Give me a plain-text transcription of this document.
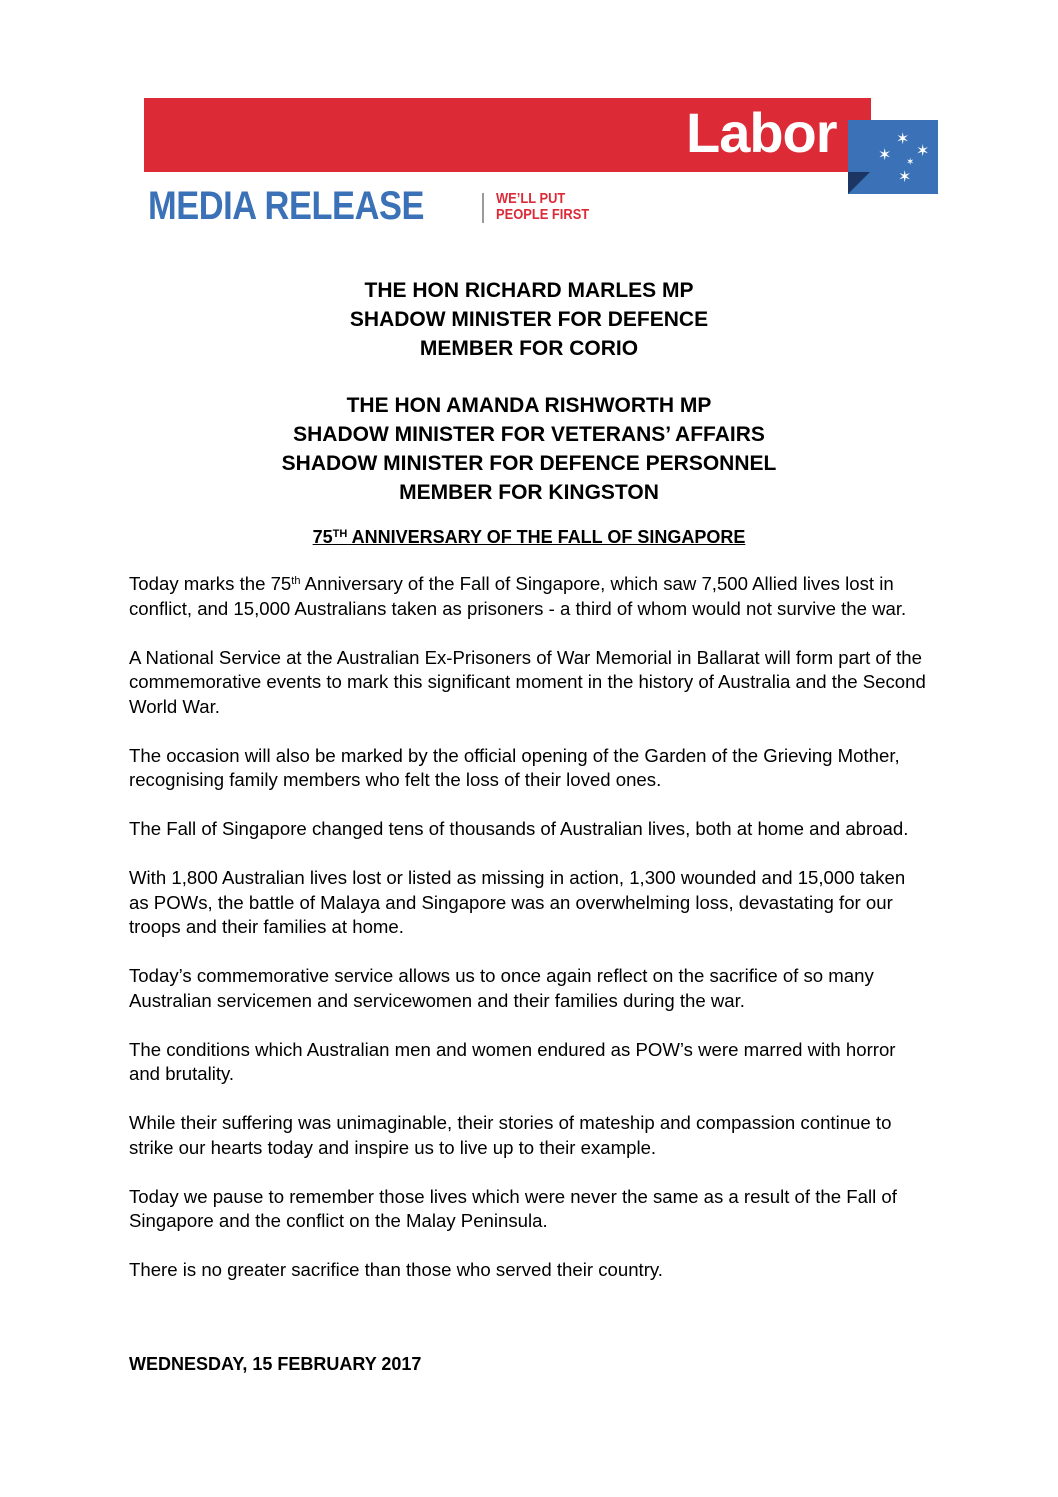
Labor	✶
✶ ✶
✶
✶
MEDIA RELEASE	WE’LL PUT
PEOPLE FIRST
THE HON RICHARD MARLES MP
SHADOW MINISTER FOR DEFENCE
MEMBER FOR CORIO
THE HON AMANDA RISHWORTH MP
SHADOW MINISTER FOR VETERANS’ AFFAIRS
SHADOW MINISTER FOR DEFENCE PERSONNEL
MEMBER FOR KINGSTON
75TH ANNIVERSARY OF THE FALL OF SINGAPORE

Today marks the 75th Anniversary of the Fall of Singapore, which saw 7,500 Allied lives lost in conflict, and 15,000 Australians taken as prisoners - a third of whom would not survive the war.

A National Service at the Australian Ex-Prisoners of War Memorial in Ballarat will form part of the commemorative events to mark this significant moment in the history of Australia and the Second World War.

The occasion will also be marked by the official opening of the Garden of the Grieving Mother, recognising family members who felt the loss of their loved ones.

The Fall of Singapore changed tens of thousands of Australian lives, both at home and abroad.

With 1,800 Australian lives lost or listed as missing in action, 1,300 wounded and 15,000 taken as POWs, the battle of Malaya and Singapore was an overwhelming loss, devastating for our troops and their families at home.

Today’s commemorative service allows us to once again reflect on the sacrifice of so many Australian servicemen and servicewomen and their families during the war.

The conditions which Australian men and women endured as POW’s were marred with horror and brutality.

While their suffering was unimaginable, their stories of mateship and compassion continue to strike our hearts today and inspire us to live up to their example.

Today we pause to remember those lives which were never the same as a result of the Fall of Singapore and the conflict on the Malay Peninsula.

There is no greater sacrifice than those who served their country.

WEDNESDAY, 15 FEBRUARY 2017
